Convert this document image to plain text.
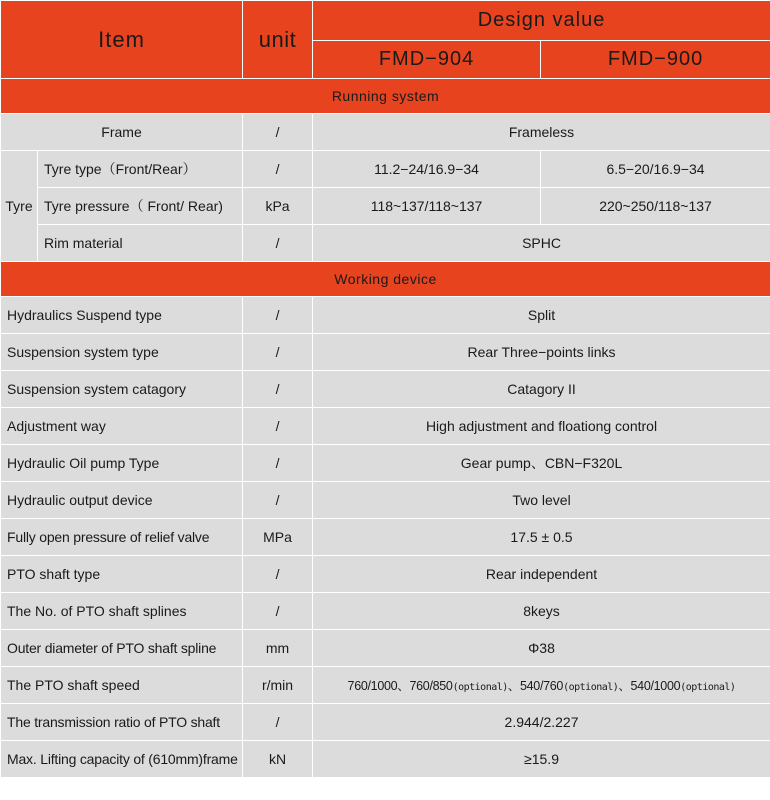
Item		unit	Design value	
			FMD−904	FMD−900
Running system				
Frame		/	Frameless	
Tyre	Tyre type（Front/Rear）	/	11.2−24/16.9−34	6.5−20/16.9−34
	Tyre pressure（ Front/ Rear)	kPa	118~137/118~137	220~250/118~137
	Rim material	/	SPHC	
Working device				
Hydraulics Suspend type		/	Split	
Suspension system type		/	Rear Three−points links	
Suspension system catagory		/	Catagory II	
Adjustment way		/	High adjustment and floationg control	
Hydraulic Oil pump Type		/	Gear pump、CBN−F320L	
Hydraulic output device		/	Two level	
Fully open pressure of relief valve		MPa	17.5 ± 0.5	
PTO shaft type		/	Rear independent	
The No. of PTO shaft splines		/	8keys	
Outer diameter of PTO shaft spline		mm	Φ38	
The PTO shaft speed		r/min	760/1000、760/850(optional)、540/760(optional)、540/1000(optional)	
The transmission ratio of PTO shaft		/	2.944/2.227	
Max. Lifting capacity of (610mm)frame		kN	≥15.9	
